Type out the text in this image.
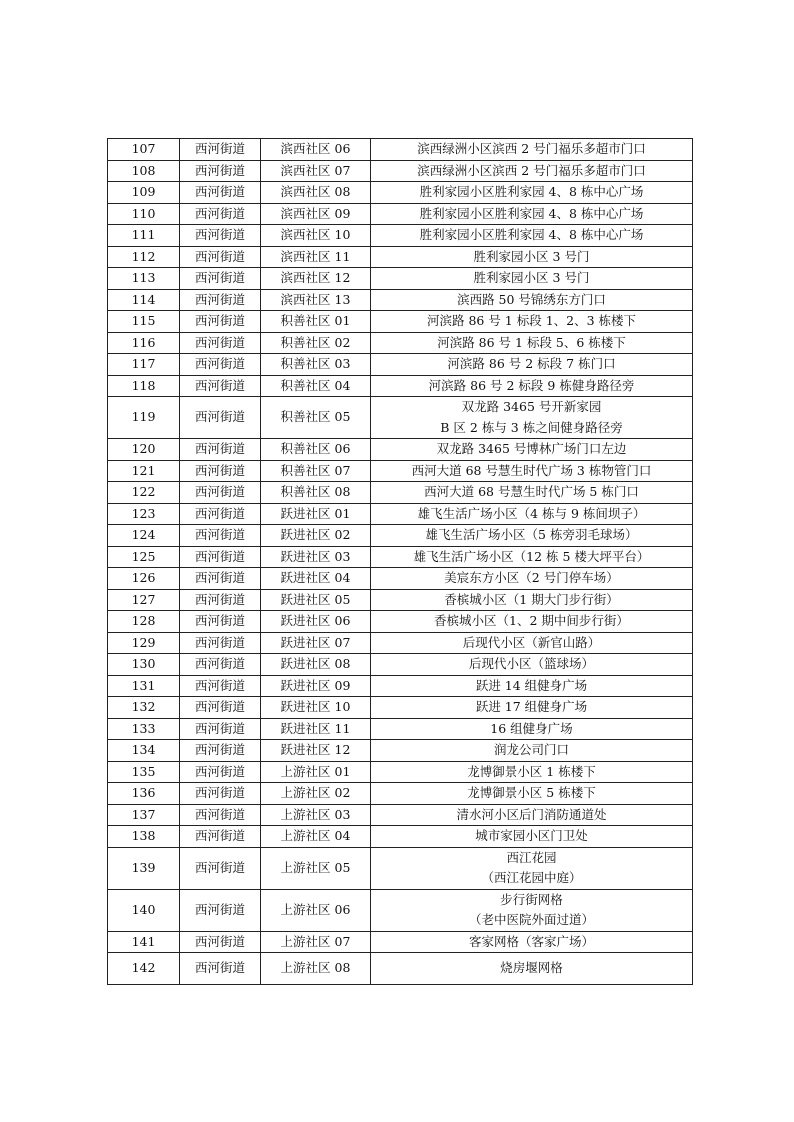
107	西河街道	滨西社区 06	滨西绿洲小区滨西 2 号门福乐多超市门口

108	西河街道	滨西社区 07	滨西绿洲小区滨西 2 号门福乐多超市门口

109	西河街道	滨西社区 08	胜利家园小区胜利家园 4、8 栋中心广场

110	西河街道	滨西社区 09	胜利家园小区胜利家园 4、8 栋中心广场

111	西河街道	滨西社区 10	胜利家园小区胜利家园 4、8 栋中心广场

112	西河街道	滨西社区 11	胜利家园小区 3 号门

113	西河街道	滨西社区 12	胜利家园小区 3 号门

114	西河街道	滨西社区 13	滨西路 50 号锦绣东方门口

115	西河街道	积善社区 01	河滨路 86 号 1 标段 1、2、3 栋楼下

116	西河街道	积善社区 02	河滨路 86 号 1 标段 5、6 栋楼下

117	西河街道	积善社区 03	河滨路 86 号 2 标段 7 栋门口

118	西河街道	积善社区 04	河滨路 86 号 2 标段 9 栋健身路径旁

119	西河街道	积善社区 05	双龙路 3465 号开新家园
B 区 2 栋与 3 栋之间健身路径旁

120	西河街道	积善社区 06	双龙路 3465 号博林广场门口左边

121	西河街道	积善社区 07	西河大道 68 号慧生时代广场 3 栋物管门口

122	西河街道	积善社区 08	西河大道 68 号慧生时代广场 5 栋门口

123	西河街道	跃进社区 01	雄飞生活广场小区（4 栋与 9 栋间坝子）

124	西河街道	跃进社区 02	雄飞生活广场小区（5 栋旁羽毛球场）

125	西河街道	跃进社区 03	雄飞生活广场小区（12 栋 5 楼大坪平台）

126	西河街道	跃进社区 04	美宸东方小区（2 号门停车场）

127	西河街道	跃进社区 05	香槟城小区（1 期大门步行街）

128	西河街道	跃进社区 06	香槟城小区（1、2 期中间步行街）

129	西河街道	跃进社区 07	后现代小区（新官山路）

130	西河街道	跃进社区 08	后现代小区（篮球场）

131	西河街道	跃进社区 09	跃进 14 组健身广场

132	西河街道	跃进社区 10	跃进 17 组健身广场

133	西河街道	跃进社区 11	16 组健身广场

134	西河街道	跃进社区 12	润龙公司门口

135	西河街道	上游社区 01	龙博御景小区 1 栋楼下

136	西河街道	上游社区 02	龙博御景小区 5 栋楼下

137	西河街道	上游社区 03	清水河小区后门消防通道处

138	西河街道	上游社区 04	城市家园小区门卫处

139	西河街道	上游社区 05	西江花园
（西江花园中庭）

140	西河街道	上游社区 06	步行街网格
（老中医院外面过道）

141	西河街道	上游社区 07	客家网格（客家广场）

142	西河街道	上游社区 08	烧房堰网格
